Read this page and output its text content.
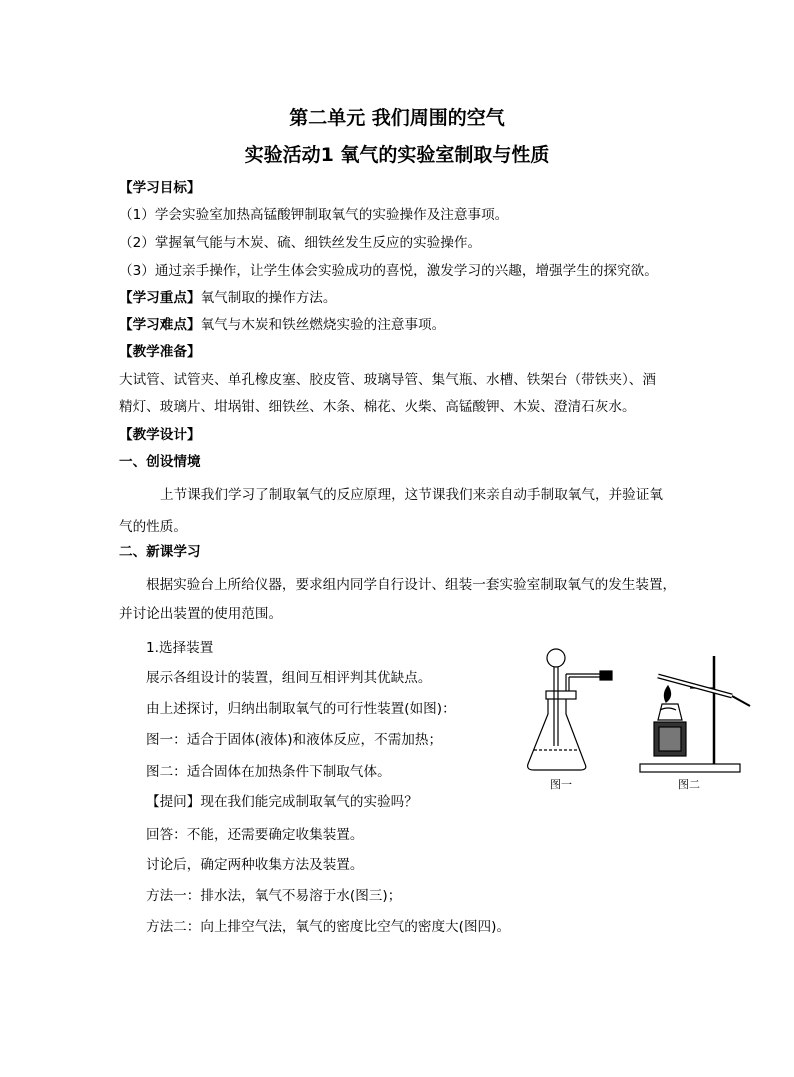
第二单元 我们周围的空气
实验活动1 氧气的实验室制取与性质
【学习目标】
（1）学会实验室加热高锰酸钾制取氧气的实验操作及注意事项。
（2）掌握氧气能与木炭、硫、细铁丝发生反应的实验操作。
（3）通过亲手操作，让学生体会实验成功的喜悦，激发学习的兴趣，增强学生的探究欲。
【学习重点】氧气制取的操作方法。
【学习难点】氧气与木炭和铁丝燃烧实验的注意事项。
【教学准备】
大试管、试管夹、单孔橡皮塞、胶皮管、玻璃导管、集气瓶、水槽、铁架台（带铁夹）、酒
精灯、玻璃片、坩埚钳、细铁丝、木条、棉花、火柴、高锰酸钾、木炭、澄清石灰水。
【教学设计】
一、创设情境
上节课我们学习了制取氧气的反应原理，这节课我们来亲自动手制取氧气，并验证氧
气的性质。
二、新课学习
根据实验台上所给仪器，要求组内同学自行设计、组装一套实验室制取氧气的发生装置，
并讨论出装置的使用范围。
1.选择装置
展示各组设计的装置，组间互相评判其优缺点。
由上述探讨，归纳出制取氧气的可行性装置(如图)：
图一：适合于固体(液体)和液体反应，不需加热；
图二：适合固体在加热条件下制取气体。
【提问】现在我们能完成制取氧气的实验吗？
回答：不能，还需要确定收集装置。
讨论后，确定两种收集方法及装置。
方法一：排水法，氧气不易溶于水(图三)；
方法二：向上排空气法，氧气的密度比空气的密度大(图四)。
图一	图二
